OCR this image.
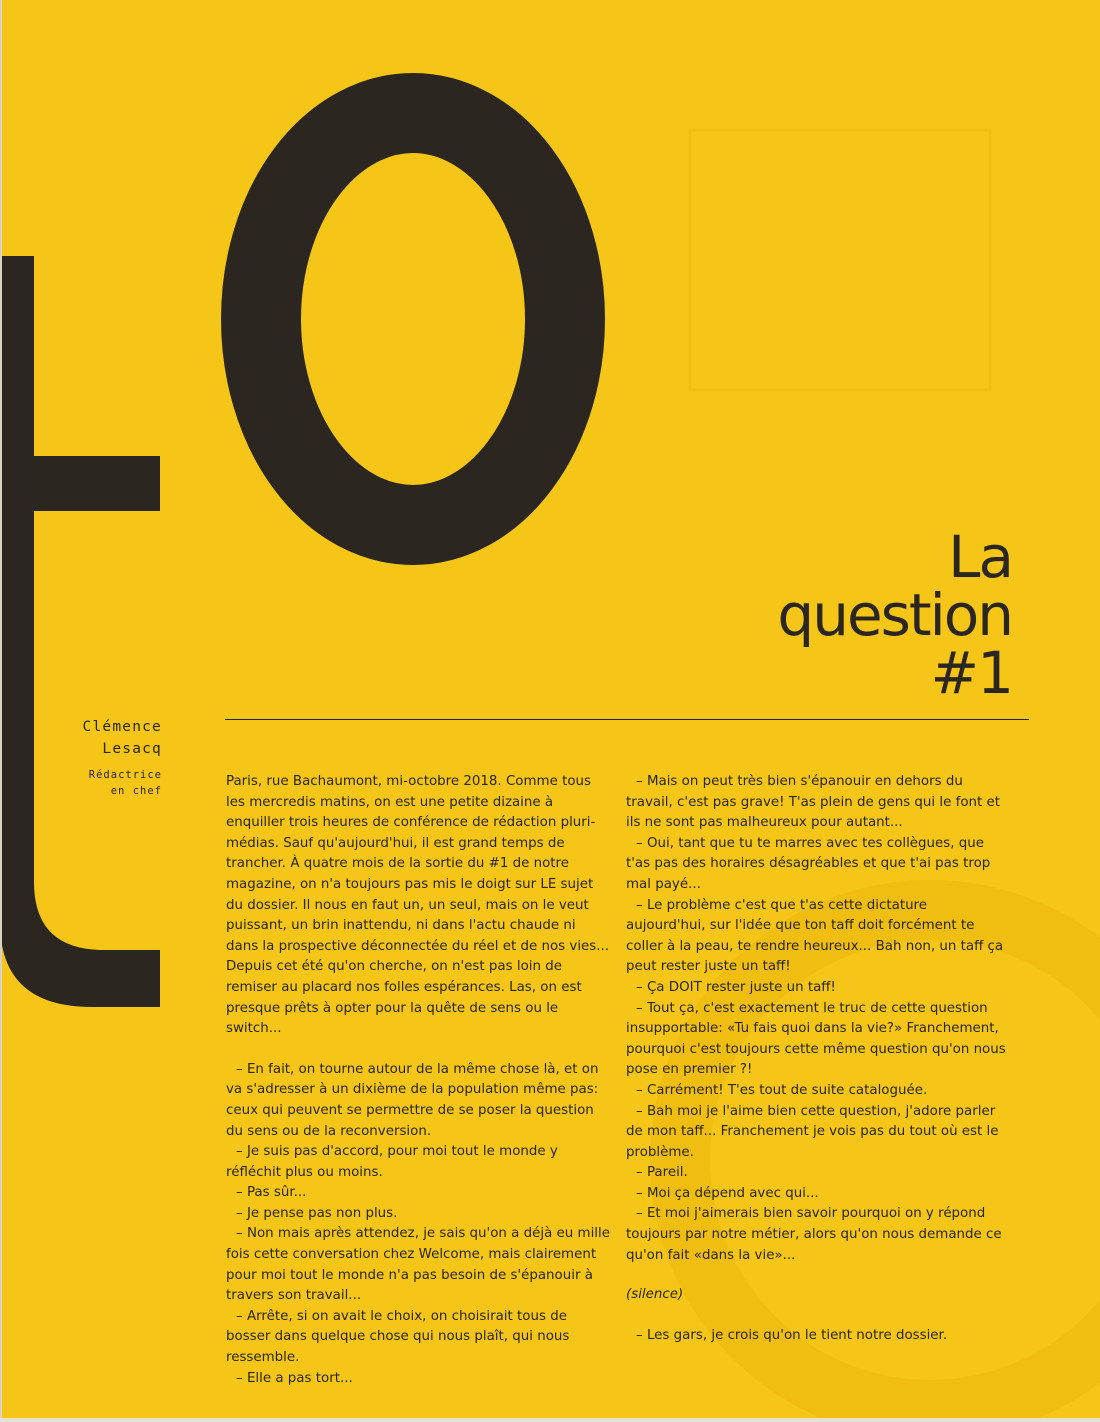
La
question
#1
Clémence
Lesacq
Rédactrice
en chef

Paris, rue Bachaumont, mi-octobre 2018. Comme tous les mercredis matins, on est une petite dizaine à enquiller trois heures de conférence de rédaction pluri-médias. Sauf qu'aujourd'hui, il est grand temps de trancher. À quatre mois de la sortie du #1 de notre magazine, on n'a toujours pas mis le doigt sur LE sujet du dossier. Il nous en faut un, un seul, mais on le veut puissant, un brin inattendu, ni dans l'actu chaude ni dans la prospective déconnectée du réel et de nos vies... Depuis cet été qu'on cherche, on n'est pas loin de remiser au placard nos folles espérances. Las, on est presque prêts à opter pour la quête de sens ou le switch...

– En fait, on tourne autour de la même chose là, et on va s'adresser à un dixième de la population même pas: ceux qui peuvent se permettre de se poser la question du sens ou de la reconversion.

– Je suis pas d'accord, pour moi tout le monde y réfléchit plus ou moins.

– Pas sûr...

– Je pense pas non plus.

– Non mais après attendez, je sais qu'on a déjà eu mille fois cette conversation chez Welcome, mais clairement pour moi tout le monde n'a pas besoin de s'épanouir à travers son travail...

– Arrête, si on avait le choix, on choisirait tous de bosser dans quelque chose qui nous plaît, qui nous ressemble.

– Elle a pas tort...

– Mais on peut très bien s'épanouir en dehors du travail, c'est pas grave! T'as plein de gens qui le font et ils ne sont pas malheureux pour autant...

– Oui, tant que tu te marres avec tes collègues, que t'as pas des horaires désagréables et que t'ai pas trop mal payé...

– Le problème c'est que t'as cette dictature aujourd'hui, sur l'idée que ton taff doit forcément te coller à la peau, te rendre heureux... Bah non, un taff ça peut rester juste un taff!

– Ça DOIT rester juste un taff!

– Tout ça, c'est exactement le truc de cette question insupportable: «Tu fais quoi dans la vie?» Franchement, pourquoi c'est toujours cette même question qu'on nous pose en premier ?!

– Carrément! T'es tout de suite cataloguée.

– Bah moi je l'aime bien cette question, j'adore parler de mon taff... Franchement je vois pas du tout où est le problème.

– Pareil.

– Moi ça dépend avec qui...

– Et moi j'aimerais bien savoir pourquoi on y répond toujours par notre métier, alors qu'on nous demande ce qu'on fait «dans la vie»...

(silence)

– Les gars, je crois qu'on le tient notre dossier.
